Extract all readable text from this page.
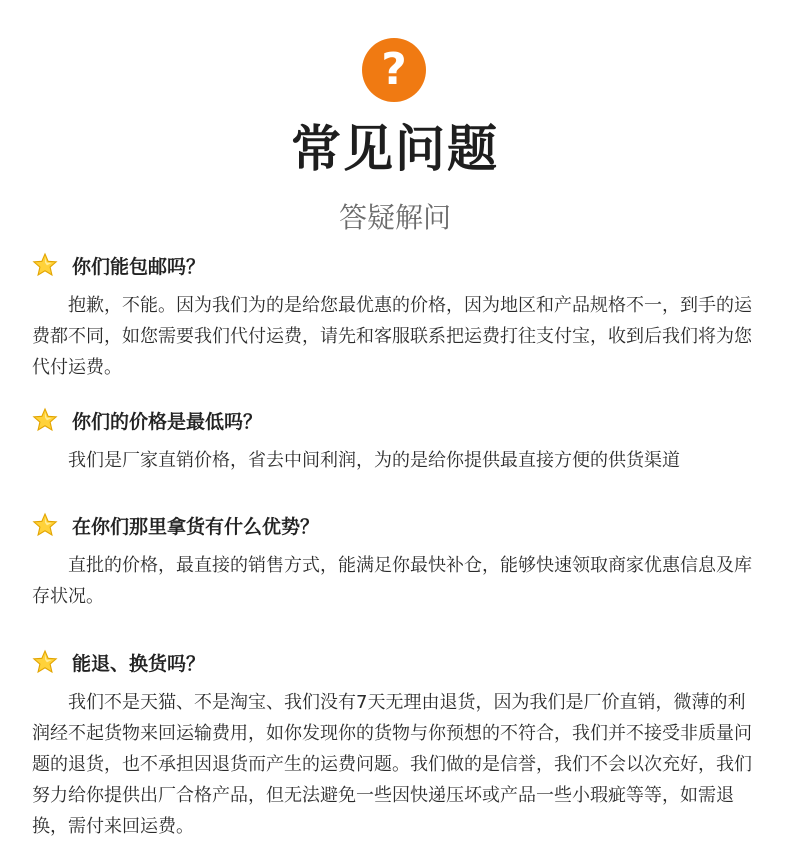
?
常见问题
答疑解问
你们能包邮吗？
抱歉，不能。因为我们为的是给您最优惠的价格，因为地区和产品规格不一，到手的运费都不同，如您需要我们代付运费，请先和客服联系把运费打往支付宝，收到后我们将为您代付运费。
你们的价格是最低吗？
我们是厂家直销价格，省去中间利润，为的是给你提供最直接方便的供货渠道
在你们那里拿货有什么优势？
直批的价格，最直接的销售方式，能满足你最快补仓，能够快速领取商家优惠信息及库存状况。
能退、换货吗？
我们不是天猫、不是淘宝、我们没有7天无理由退货，因为我们是厂价直销，微薄的利润经不起货物来回运输费用，如你发现你的货物与你预想的不符合，我们并不接受非质量问题的退货，也不承担因退货而产生的运费问题。我们做的是信誉，我们不会以次充好，我们努力给你提供出厂合格产品，但无法避免一些因快递压坏或产品一些小瑕疵等等，如需退换，需付来回运费。
